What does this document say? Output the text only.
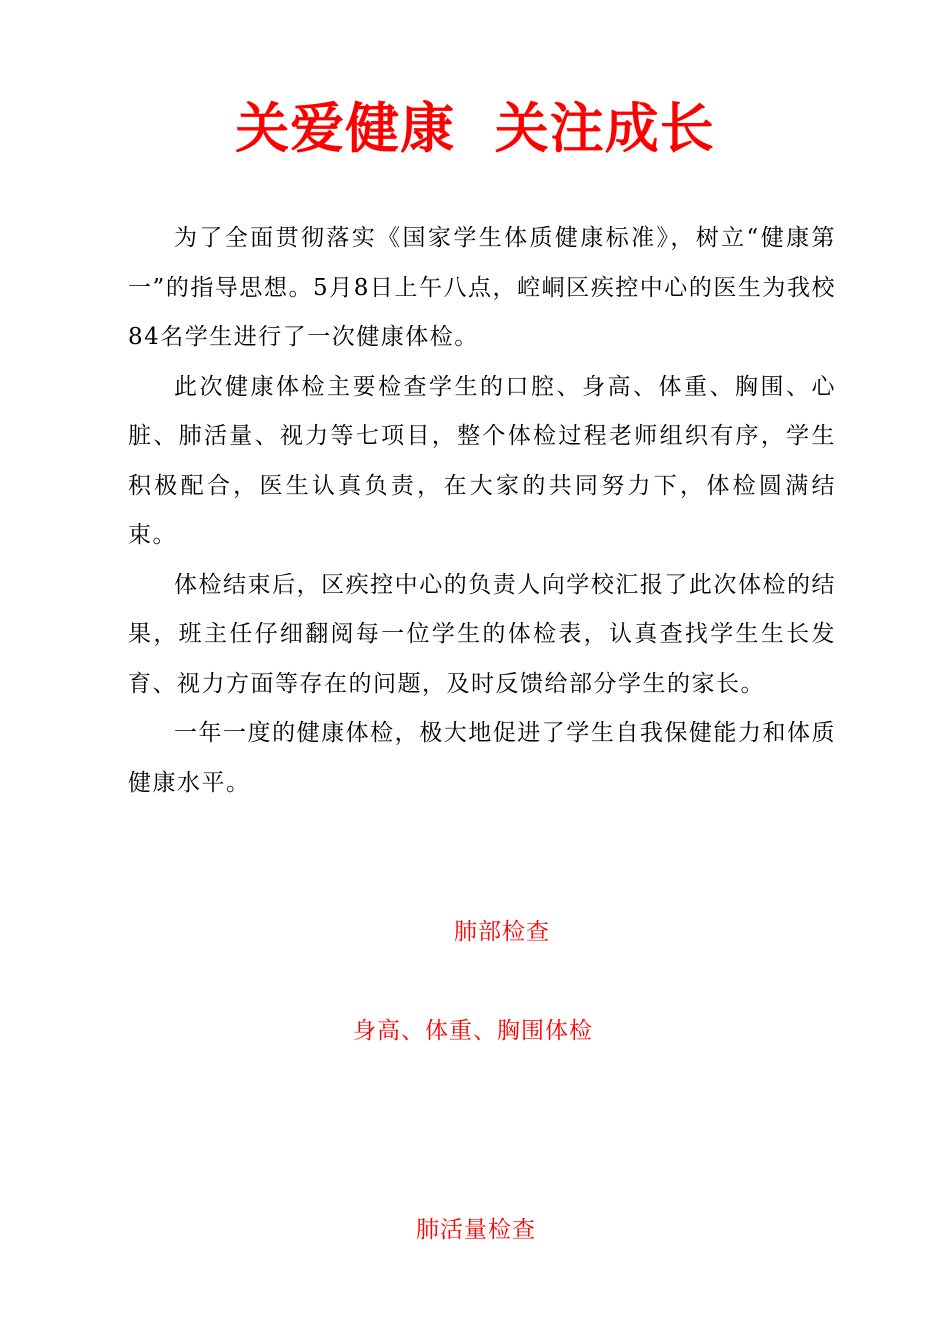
关爱健康  关注成长

为了全面贯彻落实《国家学生体质健康标准》，树立“健康第一”的指导思想。5月8日上午八点，崆峒区疾控中心的医生为我校84名学生进行了一次健康体检。

此次健康体检主要检查学生的口腔、身高、体重、胸围、心脏、肺活量、视力等七项目，整个体检过程老师组织有序，学生积极配合，医生认真负责，在大家的共同努力下，体检圆满结束。

体检结束后，区疾控中心的负责人向学校汇报了此次体检的结果，班主任仔细翻阅每一位学生的体检表，认真查找学生生长发育、视力方面等存在的问题，及时反馈给部分学生的家长。

一年一度的健康体检，极大地促进了学生自我保健能力和体质健康水平。

肺部检查

身高、体重、胸围体检

肺活量检查
